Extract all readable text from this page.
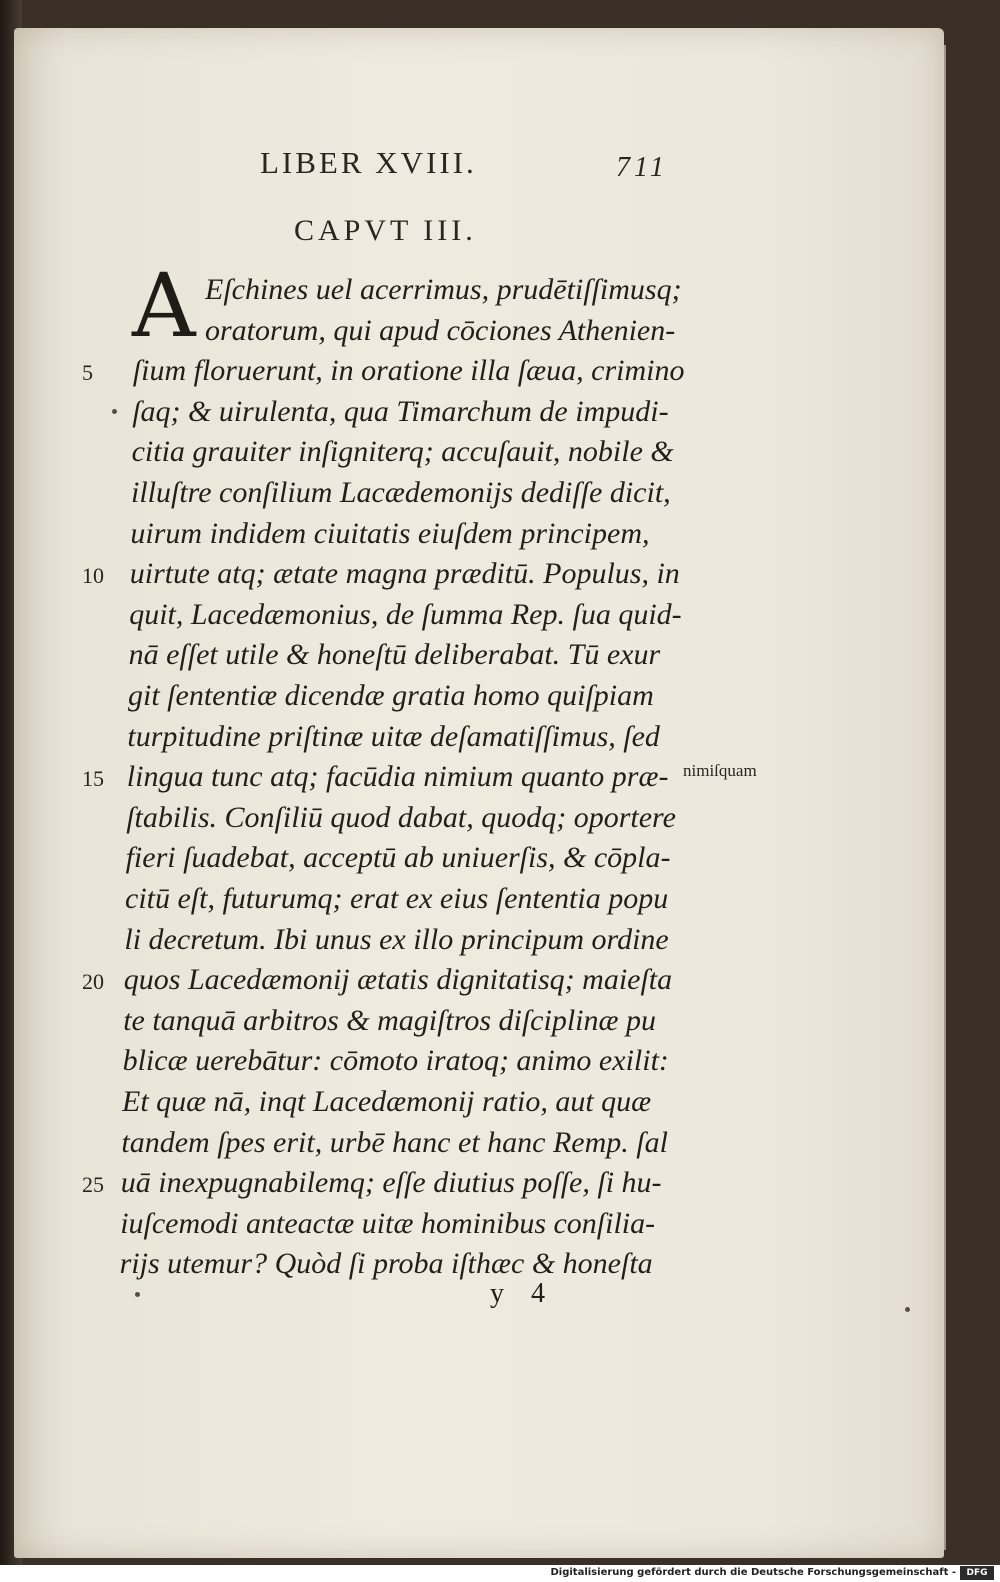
LIBER XVIII.	711
CAPVT III.
A Eſchines uel acerrimus, prudētiſſimusq;
oratorum, qui apud cōciones Athenien-
ſium floruerunt, in oratione illa ſæua, crimino
ſaq; & uirulenta, qua Timarchum de impudi-
citia grauiter inſigniterq; accuſauit, nobile &
illuſtre conſilium Lacædemonijs dediſſe dicit,
uirum indidem ciuitatis eiuſdem principem,
uirtute atq; ætate magna præditū. Populus, in
quit, Lacedæmonius, de ſumma Rep. ſua quid-
nā eſſet utile & honeſtū deliberabat. Tū exur
git ſententiæ dicendæ gratia homo quiſpiam
turpitudine priſtinæ uitæ deſamatiſſimus, ſed
lingua tunc atq; facūdia nimium quanto præ-
ſtabilis. Conſiliū quod dabat, quodq; oportere
fieri ſuadebat, acceptū ab uniuerſis, & cōpla-
citū eſt, futurumq; erat ex eius ſententia popu
li decretum. Ibi unus ex illo principum ordine
quos Lacedæmonij ætatis dignitatisq; maieſta
te tanquā arbitros & magiſtros diſciplinæ pu
blicæ uerebātur: cōmoto iratoq; animo exilit:
Et quæ nā, inqt Lacedæmonij ratio, aut quæ
tandem ſpes erit, urbē hanc et hanc Remp. ſal
uā inexpugnabilemq; eſſe diutius poſſe, ſi hu-
iuſcemodi anteactæ uitæ hominibus conſilia-
rijs utemur? Quòd ſi proba iſthæc & honeſta
5
10
15
20
25
nimiſquam
y 4
Digitalisierung gefördert durch die Deutsche Forschungsgemeinschaft -	DFG
